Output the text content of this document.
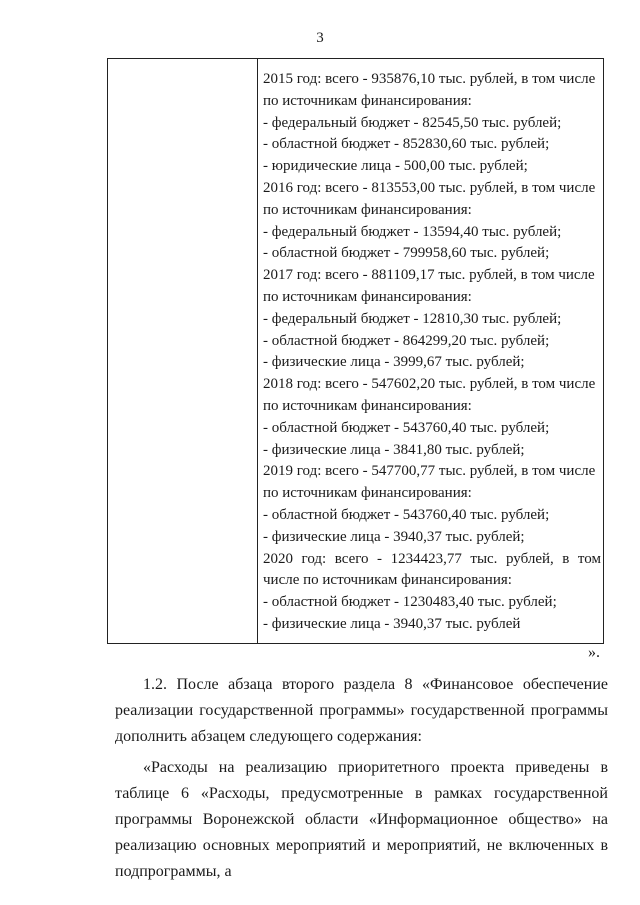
3
2015 год: всего - 935876,10 тыс. рублей, в том числе
по источникам финансирования:
- федеральный бюджет - 82545,50 тыс. рублей;
- областной бюджет - 852830,60 тыс. рублей;
- юридические лица - 500,00 тыс. рублей;
2016 год: всего - 813553,00 тыс. рублей, в том числе
по источникам финансирования:
- федеральный бюджет - 13594,40 тыс. рублей;
- областной бюджет - 799958,60 тыс. рублей;
2017 год: всего - 881109,17 тыс. рублей, в том числе
по источникам финансирования:
- федеральный бюджет - 12810,30 тыс. рублей;
- областной бюджет - 864299,20 тыс. рублей;
- физические лица - 3999,67 тыс. рублей;
2018 год: всего - 547602,20 тыс. рублей, в том числе
по источникам финансирования:
- областной бюджет - 543760,40 тыс. рублей;
- физические лица - 3841,80 тыс. рублей;
2019 год: всего - 547700,77 тыс. рублей, в том числе
по источникам финансирования:
- областной бюджет - 543760,40 тыс. рублей;
- физические лица - 3940,37 тыс. рублей;
2020 год: всего - 1234423,77 тыс. рублей, в том
числе по источникам финансирования:
- областной бюджет - 1230483,40 тыс. рублей;
- физические лица - 3940,37 тыс. рублей
».
1.2. После абзаца второго раздела 8 «Финансовое обеспечение реализации государственной программы» государственной программы дополнить абзацем следующего содержания:
«Расходы на реализацию приоритетного проекта приведены в таблице 6 «Расходы, предусмотренные в рамках государственной программы Воронежской области «Информационное общество» на реализацию основных мероприятий и мероприятий, не включенных в подпрограммы, а
